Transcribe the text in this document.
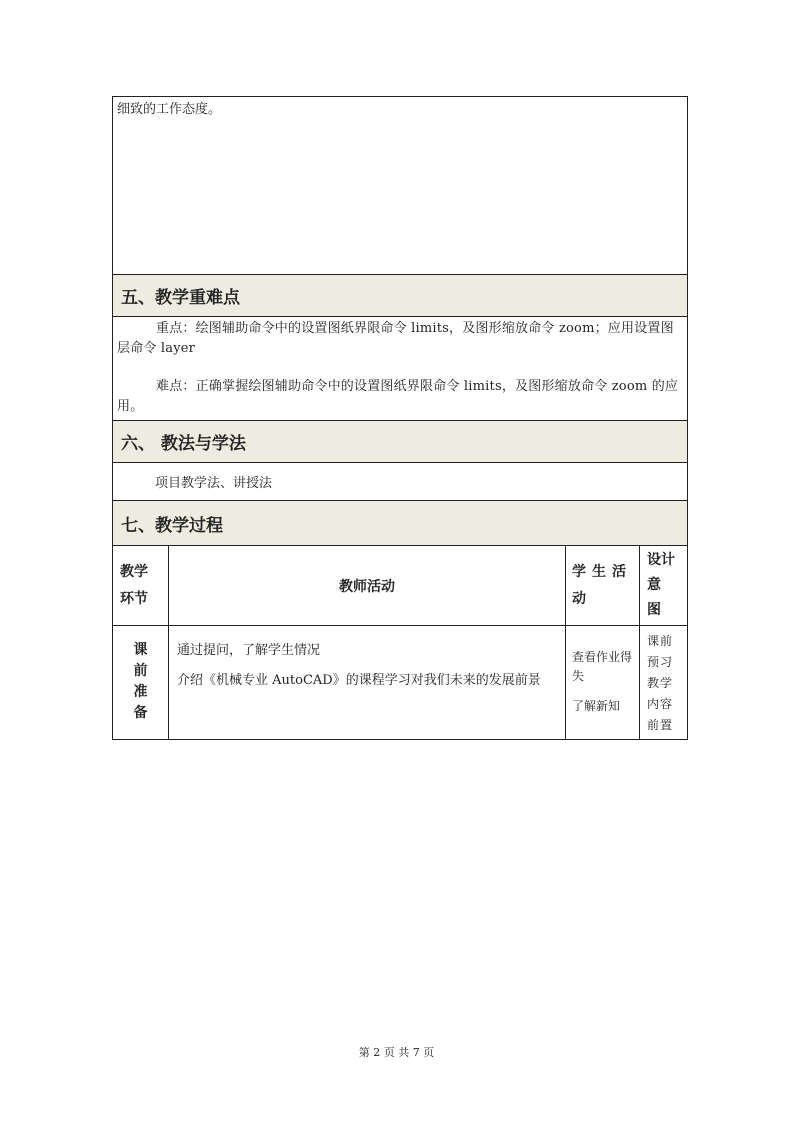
细致的工作态度。
五、教学重难点

重点：绘图辅助命令中的设置图纸界限命令 limits，及图形缩放命令 zoom；应用设置图层命令 layer

难点：正确掌握绘图辅助命令中的设置图纸界限命令 limits，及图形缩放命令 zoom 的应用。

六、 教法与学法
项目教学法、讲授法
七、教学过程
教学
环节
教师活动
学生活
动
设计
意
图
课
前
准
备

通过提问，了解学生情况

介绍《机械专业 AutoCAD》的课程学习对我们未来的发展前景

查看作业得失
了解新知
课前预习教学内容前置
第 2 页 共 7 页
